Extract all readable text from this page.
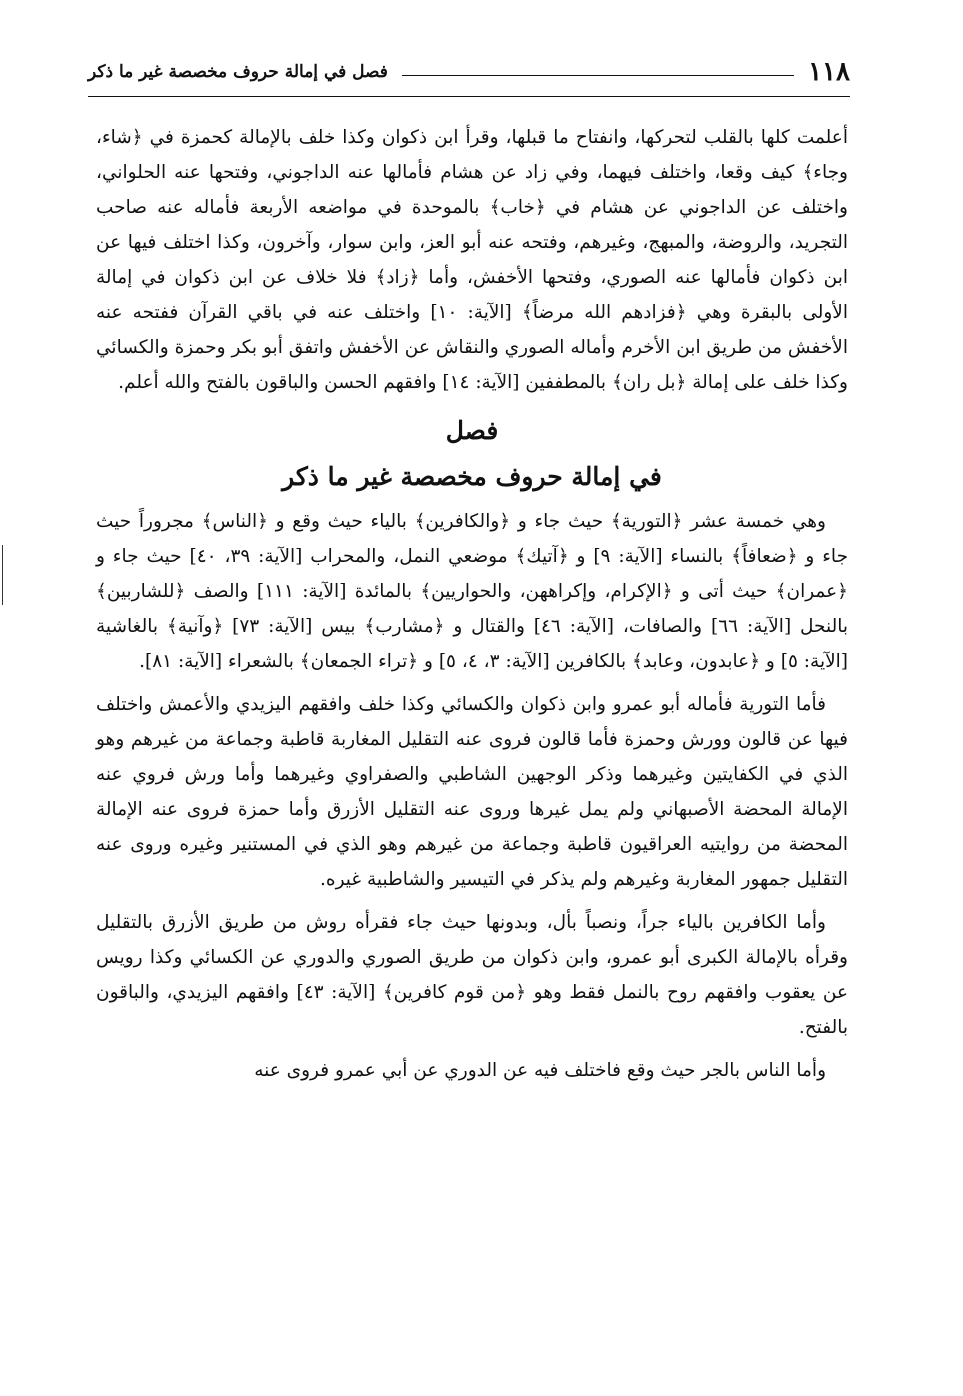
١١٨
فصل في إمالة حروف مخصصة غير ما ذكر

أعلمت كلها بالقلب لتحركها، وانفتاح ما قبلها، وقرأ ابن ذكوان وكذا خلف بالإمالة كحمزة في ﴿شاء، وجاء﴾ كيف وقعا، واختلف فيهما، وفي زاد عن هشام فأمالها عنه الداجوني، وفتحها عنه الحلواني، واختلف عن الداجوني عن هشام في ﴿خاب﴾ بالموحدة في مواضعه الأربعة فأماله عنه صاحب التجريد، والروضة، والمبهج، وغيرهم، وفتحه عنه أبو العز، وابن سوار، وآخرون، وكذا اختلف فيها عن ابن ذكوان فأمالها عنه الصوري، وفتحها الأخفش، وأما ﴿زاد﴾ فلا خلاف عن ابن ذكوان في إمالة الأولى بالبقرة وهي ﴿فزادهم الله مرضاً﴾ [الآية: ١٠] واختلف عنه في باقي القرآن ففتحه عنه الأخفش من طريق ابن الأخرم وأماله الصوري والنقاش عن الأخفش واتفق أبو بكر وحمزة والكسائي وكذا خلف على إمالة ﴿بل ران﴾ بالمطففين [الآية: ١٤] وافقهم الحسن والباقون بالفتح والله أعلم.

فصل
في إمالة حروف مخصصة غير ما ذكر

وهي خمسة عشر ﴿التورية﴾ حيث جاء و ﴿والكافرين﴾ بالياء حيث وقع و ﴿الناس﴾ مجروراً حيث جاء و ﴿ضعافاً﴾ بالنساء [الآية: ٩] و ﴿آتيك﴾ موضعي النمل، والمحراب [الآية: ٣٩، ٤٠] حيث جاء و ﴿عمران﴾ حيث أتى و ﴿الإكرام، وإكراههن، والحواريين﴾ بالمائدة [الآية: ١١١] والصف ﴿للشاربين﴾ بالنحل [الآية: ٦٦] والصافات، [الآية: ٤٦] والقتال و ﴿مشارب﴾ بيس [الآية: ٧٣] ﴿وآنية﴾ بالغاشية [الآية: ٥] و ﴿عابدون، وعابد﴾ بالكافرين [الآية: ٣، ٤، ٥] و ﴿تراء الجمعان﴾ بالشعراء [الآية: ٨١].

فأما التورية فأماله أبو عمرو وابن ذكوان والكسائي وكذا خلف وافقهم اليزيدي والأعمش واختلف فيها عن قالون وورش وحمزة فأما قالون فروى عنه التقليل المغاربة قاطبة وجماعة من غيرهم وهو الذي في الكفايتين وغيرهما وذكر الوجهين الشاطبي والصفراوي وغيرهما وأما ورش فروي عنه الإمالة المحضة الأصبهاني ولم يمل غيرها وروى عنه التقليل الأزرق وأما حمزة فروى عنه الإمالة المحضة من روايتيه العراقيون قاطبة وجماعة من غيرهم وهو الذي في المستنير وغيره وروى عنه التقليل جمهور المغاربة وغيرهم ولم يذكر في التيسير والشاطبية غيره.

وأما الكافرين بالياء جراً، ونصباً بأل، وبدونها حيث جاء فقرأه روش من طريق الأزرق بالتقليل وقرأه بالإمالة الكبرى أبو عمرو، وابن ذكوان من طريق الصوري والدوري عن الكسائي وكذا رويس عن يعقوب وافقهم روح بالنمل فقط وهو ﴿من قوم كافرين﴾ [الآية: ٤٣] وافقهم اليزيدي، والباقون بالفتح.

وأما الناس بالجر حيث وقع فاختلف فيه عن الدوري عن أبي عمرو فروى عنه
